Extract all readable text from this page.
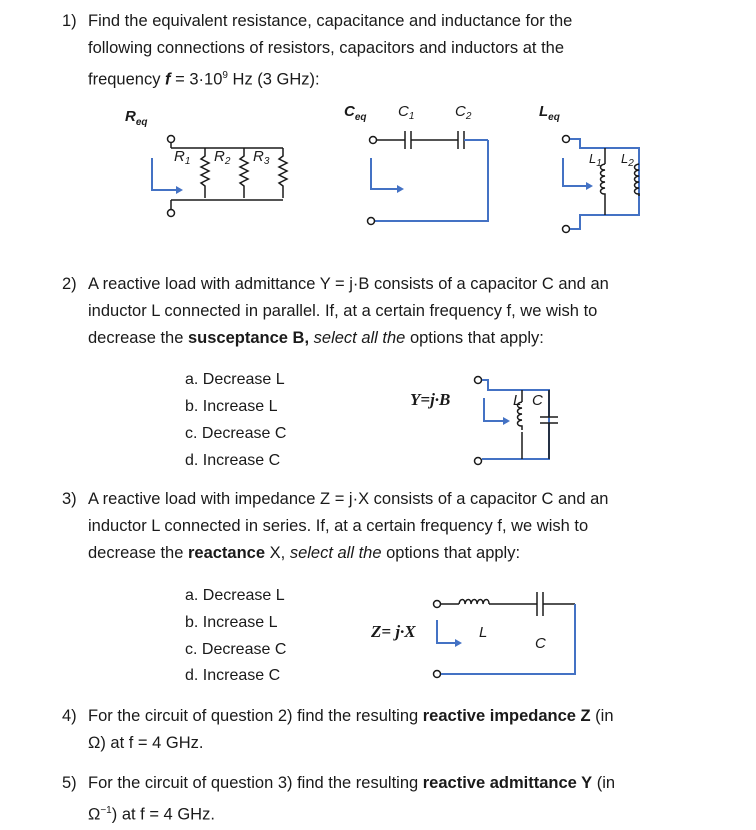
1) Find the equivalent resistance, capacitance and inductance for the
following connections of resistors, capacitors and inductors at the
frequency $f = 3\cdot 10^9$ Hz (3 GHz):
$R_{eq}$
$R_1$ $R_2$ $R_3$
$C_{eq}$ $C_1$	$C_2$	$L_{eq}$
$L_1$ $L_2$
Y=j·B	L C
Z= j·X	L
C
2) A reactive load with admittance Y = j·B consists of a capacitor C and an
inductor L connected in parallel. If, at a certain frequency f, we wish to
decrease the susceptance B, select all the options that apply:
a. Decrease L
b. Increase L
c. Decrease C
d. Increase C
3) A reactive load with impedance Z = j·X consists of a capacitor C and an
inductor L connected in series. If, at a certain frequency f, we wish to
decrease the reactance X, select all the options that apply:
a. Decrease L
b. Increase L
c. Decrease C
d. Increase C
4) For the circuit of question 2) find the resulting reactive impedance Z (in
Ω) at f = 4 GHz.
5) For the circuit of question 3) find the resulting reactive admittance Y (in
$\Omega^{-1}$) at f = 4 GHz.
